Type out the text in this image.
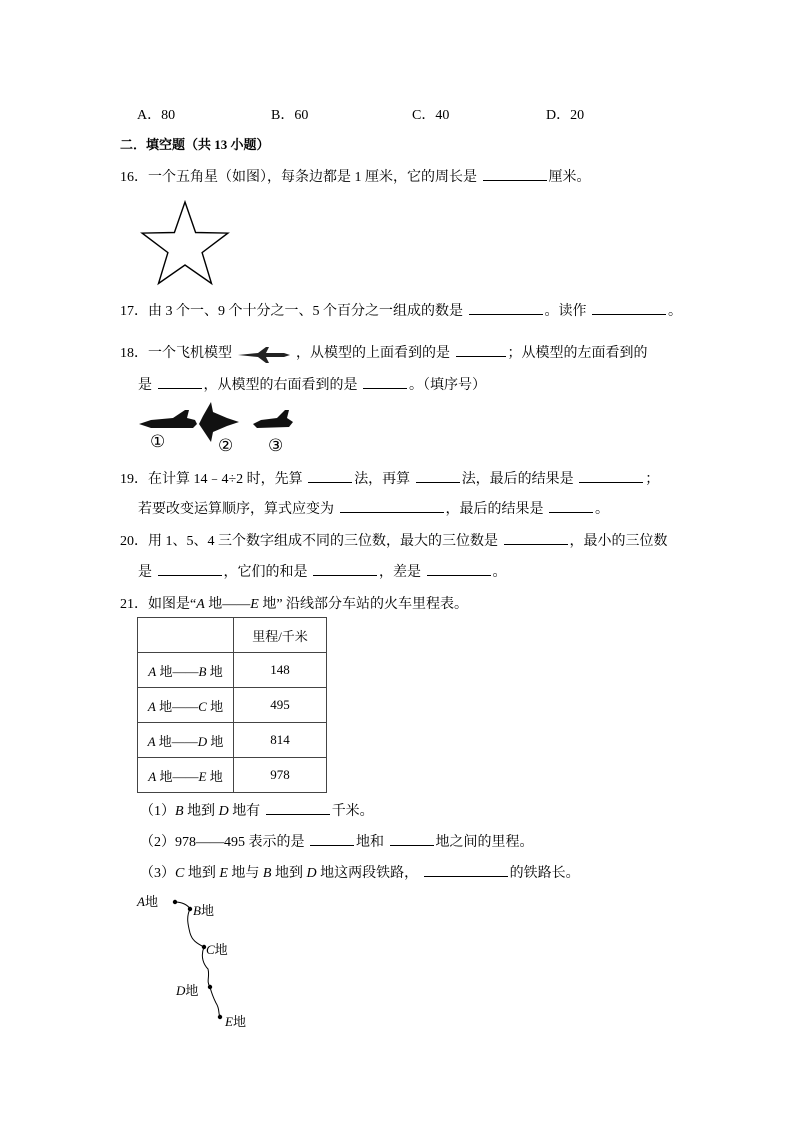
A．80	B．60	C．40	D．20
二．填空题（共 13 小题）
16．一个五角星（如图），每条边都是 1 厘米，它的周长是	厘米。
17．由 3 个一、9 个十分之一、5 个百分之一组成的数是	。读作	。
18．一个飞机模型	，从模型的上面看到的是	；从模型的左面看到的
是	，从模型的右面看到的是	。（填序号）
①	② ③
19．在计算 14﹣4÷2 时，先算	法，再算	法，最后的结果是	；
若要改变运算顺序，算式应变为	，最后的结果是	。
20．用 1、5、4 三个数字组成不同的三位数，最大的三位数是	，最小的三位数
是	，它们的和是	，差是	。
21．如图是“A 地——E 地” 沿线部分车站的火车里程表。
	里程/千米
A 地——B 地	148
A 地——C 地	495
A 地——D 地	814
A 地——E 地	978
（1）B 地到 D 地有	千米。
（2）978——495 表示的是	地和	地之间的里程。
（3）C 地到 E 地与 B 地到 D 地这两段铁路，	的铁路长。
A地
B地
C地
D地
E地
